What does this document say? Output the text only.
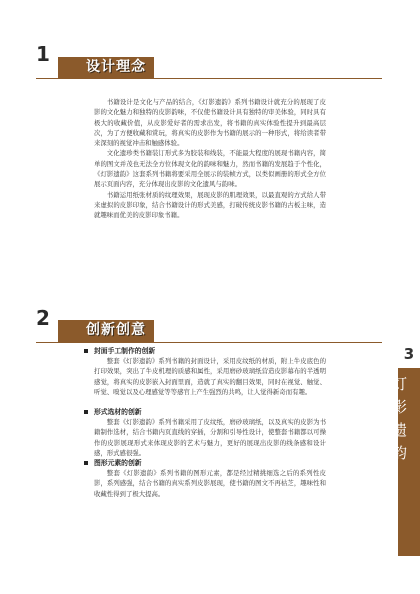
1
设计理念

书籍设计是文化与产品的结合，《灯影遗韵》系列书籍设计就充分的展现了皮影的文化魅力和独特的皮影韵味，不仅使书籍设计具有独特的审美体验，同时具有极大的收藏价值，从皮影爱好者的需求出发，将书籍的真实体验性提升到最高层次，为了方便收藏和赏玩，将真实的皮影作为书籍的展示的一种形式，将给读者带来深刻的视觉冲击和触感体验。

文化遗珍类书籍装订形式多为胶装和线装，不能最大程度的展现书籍内容，简单的图文并茂也无法全方位体现文化的韵味和魅力，然而书籍的发展趋于个性化，《灯影遗韵》这套系列书籍将要采用全展示的装帧方式，以类似画册的形式全方位展示页面内容，充分体现出皮影的文化遗风与韵味。

书籍运用纸张材质的纹理效果，展现皮影的肌理效果，以最直观的方式给人带来虚拟的皮影印象，结合书籍设计的形式美感，打破传统皮影书籍的古板主味，造就趣味而优美的皮影印象书籍。

2	创新创意
封面手工制作的创新

整套《灯影遗韵》系列书籍的封面设计，采用皮纹纸的材质，附上牛皮底色的打印效果，突出了牛皮机理的质感和属性，采用磨砂玻璃纸营造皮影幕布的半透明感觉，将真实的皮影嵌入封面里面，造就了真实的翻目效果，同时在视觉、触觉、听觉、嗅觉以及心理感觉等等感官上产生强烈的共鸣，让人觉得新奇而有趣。

形式选材的创新

整套《灯影遗韵》系列书籍采用了皮纹纸，磨砂玻璃纸，以及真实的皮影为书籍制作选材，结合书籍内页直线的穿插，分割和引导性设计，使整套书籍都以可操作的皮影展现形式来体现皮影的艺术与魅力，更好的展现出皮影的线条感和设计感，形式感很强。

图形元素的创新

整套《灯影遗韵》系列书籍的图形元素，都是经过精挑细选之后的系列性皮影，系列感强，结合书籍的真实系列皮影展现，使书籍的图文不再枯芝，趣味性和收藏性得到了极大提高。

3
灯影遗韵
